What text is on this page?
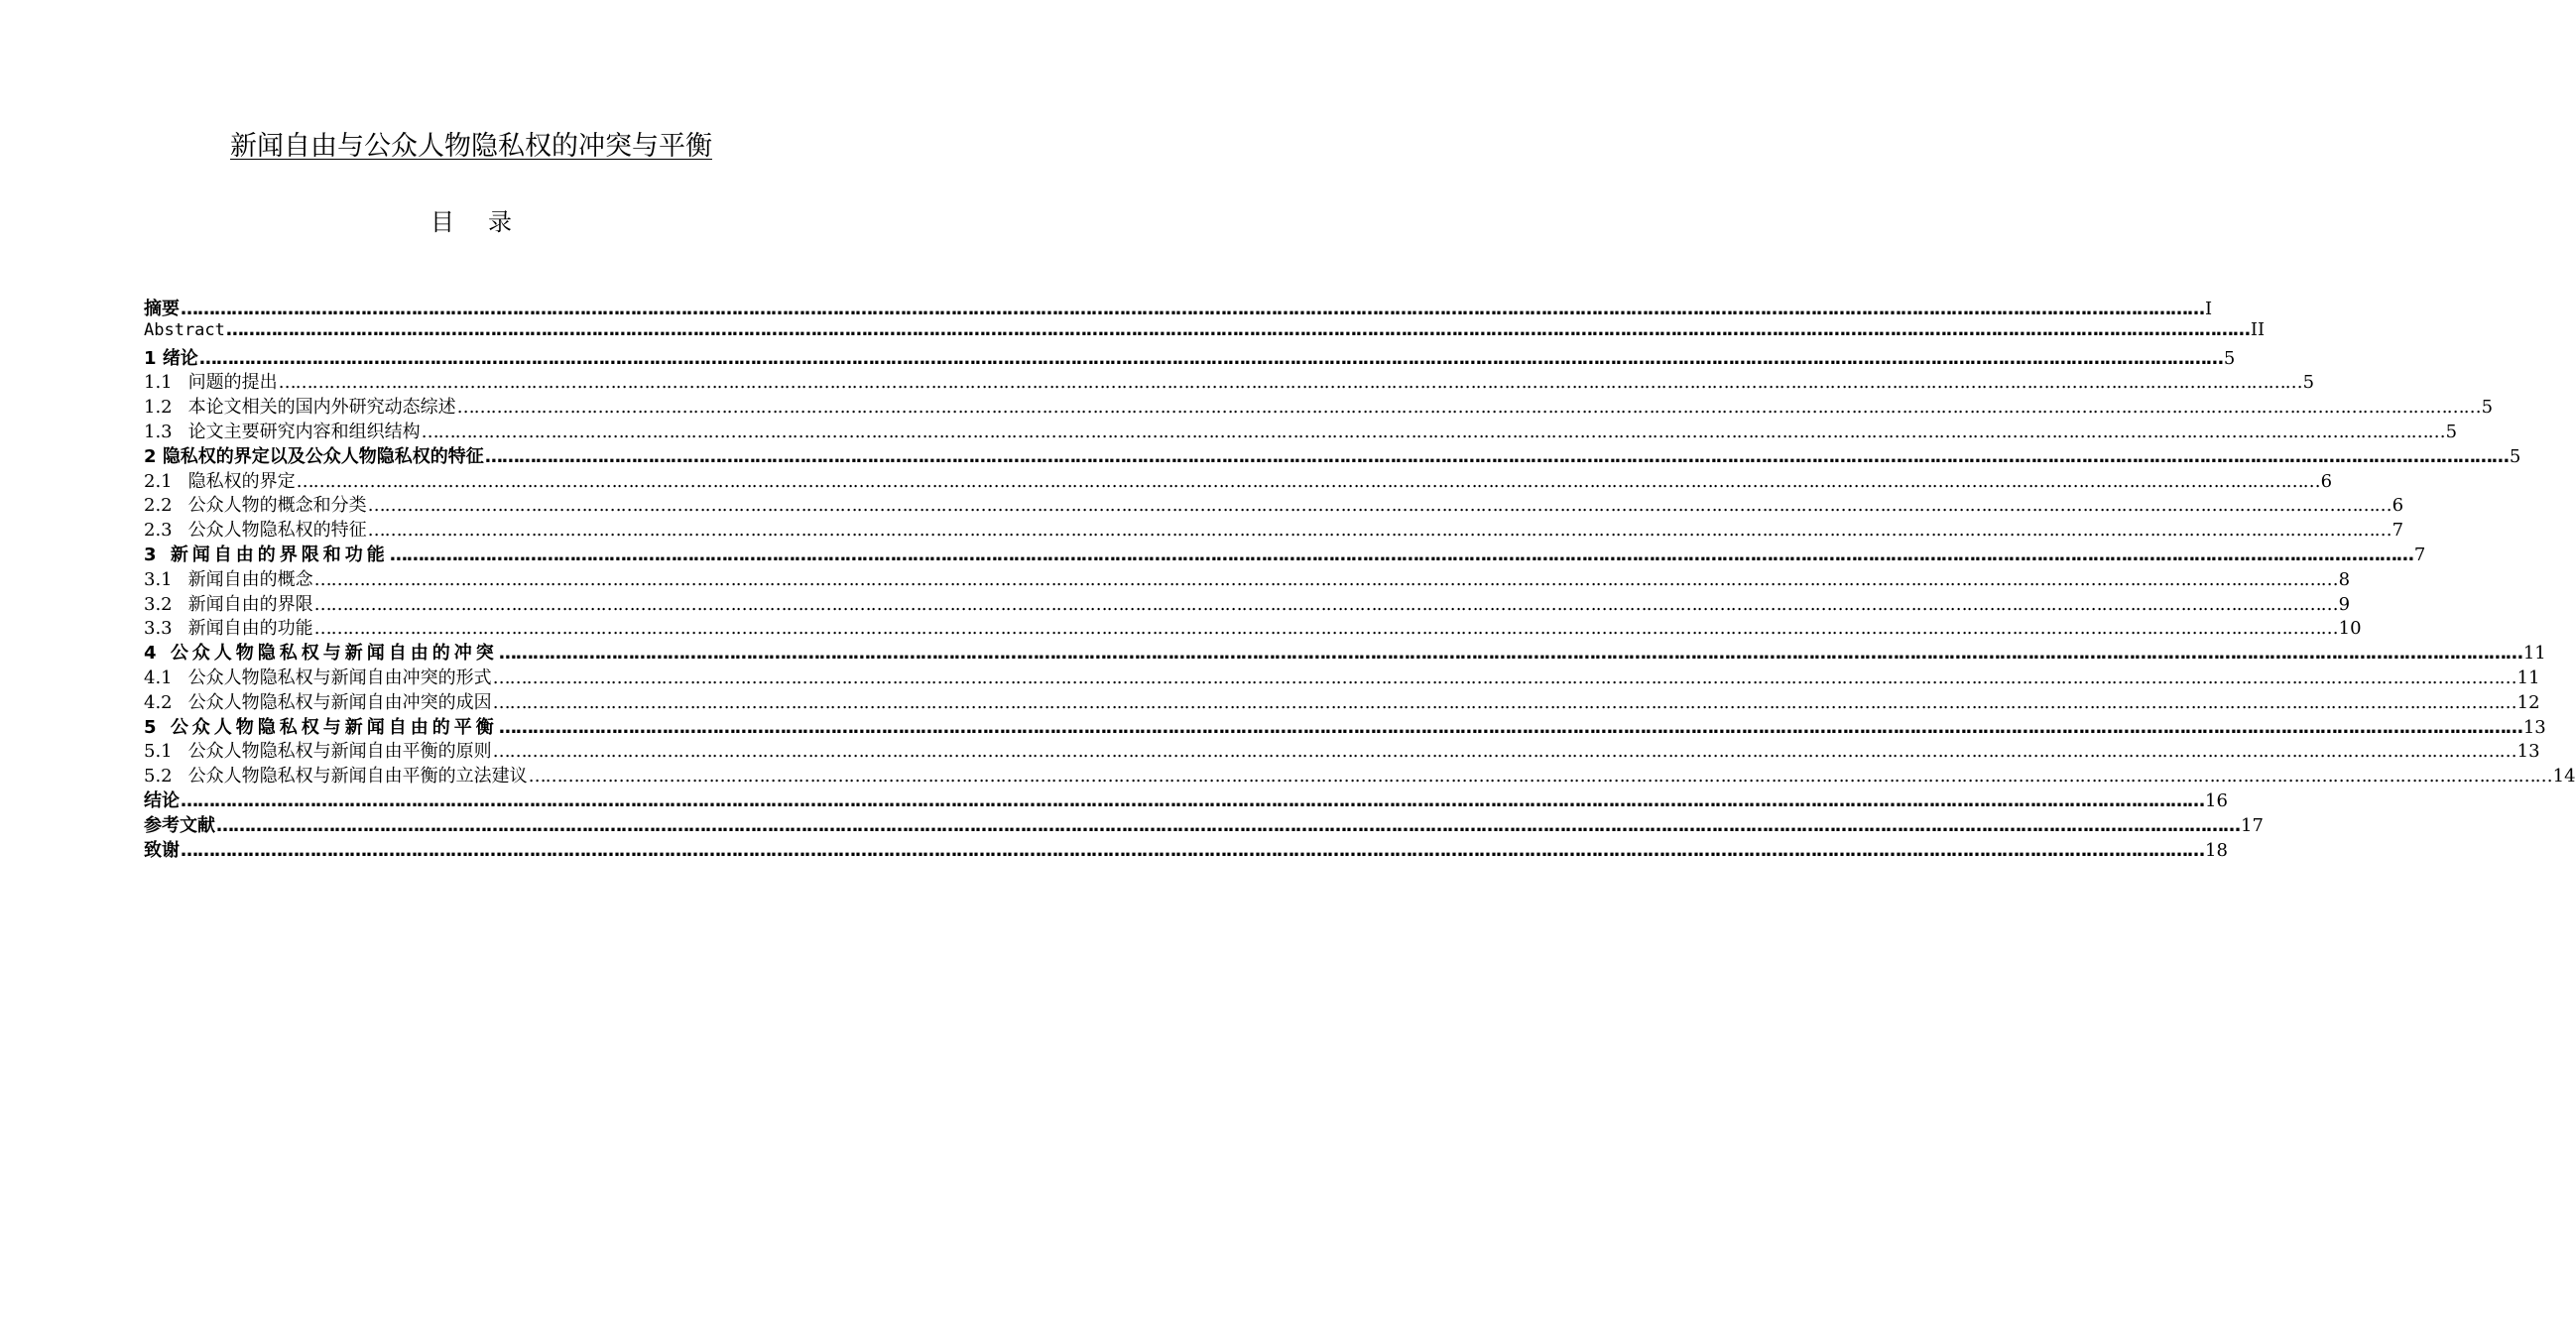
新闻自由与公众人物隐私权的冲突与平衡
目 录
摘要 ……………………………………………………………………………………………………………………………………………………………………………………………………………………………………………………………………………………………………………………………… I
Abstract ……………………………………………………………………………………………………………………………………………………………………………………………………………………………………………………………………………………………………………………………… II
1 绪论 ……………………………………………………………………………………………………………………………………………………………………………………………………………………………………………………………………………………………………………………………… 5
1.1 问题的提出 ……………………………………………………………………………………………………………………………………………………………………………………………………………………………………………………………………………………………………………………………… 5
1.2 本论文相关的国内外研究动态综述 ……………………………………………………………………………………………………………………………………………………………………………………………………………………………………………………………………………………………………………………………… 5
1.3 论文主要研究内容和组织结构 ……………………………………………………………………………………………………………………………………………………………………………………………………………………………………………………………………………………………………………………………… 5
2 隐私权的界定以及公众人物隐私权的特征 ……………………………………………………………………………………………………………………………………………………………………………………………………………………………………………………………………………………………………………………………… 5
2.1 隐私权的界定 ……………………………………………………………………………………………………………………………………………………………………………………………………………………………………………………………………………………………………………………………… 6
2.2 公众人物的概念和分类 ……………………………………………………………………………………………………………………………………………………………………………………………………………………………………………………………………………………………………………………………… 6
2.3 公众人物隐私权的特征 ……………………………………………………………………………………………………………………………………………………………………………………………………………………………………………………………………………………………………………………………… 7
3 新闻自由的界限和功能 ……………………………………………………………………………………………………………………………………………………………………………………………………………………………………………………………………………………………………………………………… 7
3.1 新闻自由的概念 ……………………………………………………………………………………………………………………………………………………………………………………………………………………………………………………………………………………………………………………………… 8
3.2 新闻自由的界限 ……………………………………………………………………………………………………………………………………………………………………………………………………………………………………………………………………………………………………………………………… 9
3.3 新闻自由的功能 ……………………………………………………………………………………………………………………………………………………………………………………………………………………………………………………………………………………………………………………………… 10
4 公众人物隐私权与新闻自由的冲突 ……………………………………………………………………………………………………………………………………………………………………………………………………………………………………………………………………………………………………………………………… 11
4.1 公众人物隐私权与新闻自由冲突的形式 ……………………………………………………………………………………………………………………………………………………………………………………………………………………………………………………………………………………………………………………………… 11
4.2 公众人物隐私权与新闻自由冲突的成因 ……………………………………………………………………………………………………………………………………………………………………………………………………………………………………………………………………………………………………………………………… 12
5 公众人物隐私权与新闻自由的平衡 ……………………………………………………………………………………………………………………………………………………………………………………………………………………………………………………………………………………………………………………………… 13
5.1 公众人物隐私权与新闻自由平衡的原则 ……………………………………………………………………………………………………………………………………………………………………………………………………………………………………………………………………………………………………………………………… 13
5.2 公众人物隐私权与新闻自由平衡的立法建议 ……………………………………………………………………………………………………………………………………………………………………………………………………………………………………………………………………………………………………………………………… 14
结论 ……………………………………………………………………………………………………………………………………………………………………………………………………………………………………………………………………………………………………………………………… 16
参考文献 ……………………………………………………………………………………………………………………………………………………………………………………………………………………………………………………………………………………………………………………………… 17
致谢 ……………………………………………………………………………………………………………………………………………………………………………………………………………………………………………………………………………………………………………………………… 18
